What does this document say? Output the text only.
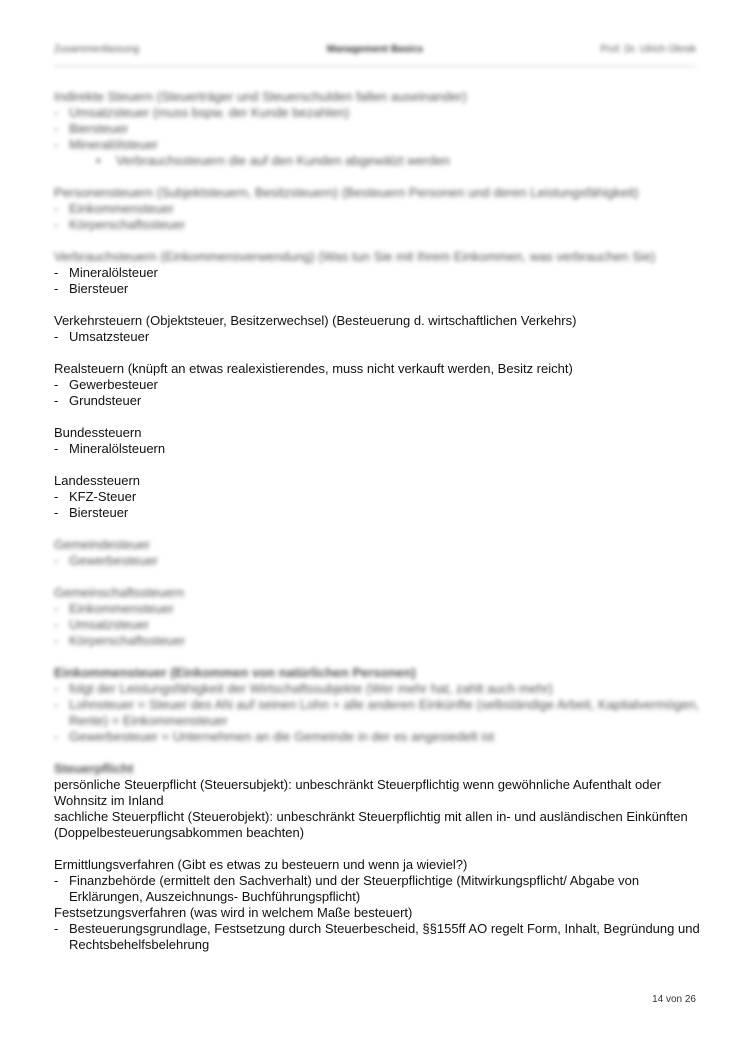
Zusammenfassung	Management Basics	Prof. Dr. Ulrich Olesik
Indirekte Steuern (Steuerträger und Steuerschulden fallen auseinander)
- Umsatzsteuer (muss bspw. der Kunde bezahlen)
- Biersteuer
- Mineralölsteuer
•	Verbrauchssteuern die auf den Kunden abgewälzt werden
Personensteuern (Subjektsteuern, Besitzsteuern) (Besteuern Personen und deren Leistungsfähigkeit)
- Einkommensteuer
- Körperschaftssteuer
Verbrauchsteuern (Einkommensverwendung) (Was tun Sie mit Ihrem Einkommen, was verbrauchen Sie)
- Mineralölsteuer
- Biersteuer
Verkehrsteuern (Objektsteuer, Besitzerwechsel) (Besteuerung d. wirtschaftlichen Verkehrs)
- Umsatzsteuer
Realsteuern (knüpft an etwas realexistierendes, muss nicht verkauft werden, Besitz reicht)
- Gewerbesteuer
- Grundsteuer
Bundessteuern
- Mineralölsteuern
Landessteuern
- KFZ-Steuer
- Biersteuer
Gemeindesteuer
- Gewerbesteuer
Gemeinschaftssteuern
- Einkommensteuer
- Umsatzsteuer
- Körperschaftssteuer
Einkommensteuer (Einkommen von natürlichen Personen)
- folgt der Leistungsfähigkeit der Wirtschaftssubjekte (Wer mehr hat, zahlt auch mehr)
- Lohnsteuer = Steuer des AN auf seinen Lohn + alle anderen Einkünfte (selbständige Arbeit, Kapitalvermögen, Rente) = Einkommensteuer
- Gewerbesteuer = Unternehmen an die Gemeinde in der es angesiedelt ist
Steuerpflicht
persönliche Steuerpflicht (Steuersubjekt): unbeschränkt Steuerpflichtig wenn gewöhnliche Aufenthalt oder Wohnsitz im Inland
sachliche Steuerpflicht (Steuerobjekt): unbeschränkt Steuerpflichtig mit allen in- und ausländischen Einkünften (Doppelbesteuerungsabkommen beachten)
Ermittlungsverfahren (Gibt es etwas zu besteuern und wenn ja wieviel?)
- Finanzbehörde (ermittelt den Sachverhalt) und der Steuerpflichtige (Mitwirkungspflicht/ Abgabe von Erklärungen, Auszeichnungs- Buchführungspflicht)
Festsetzungsverfahren (was wird in welchem Maße besteuert)
- Besteuerungsgrundlage, Festsetzung durch Steuerbescheid, §§155ff AO regelt Form, Inhalt, Begründung und Rechtsbehelfsbelehrung
14 von 26
